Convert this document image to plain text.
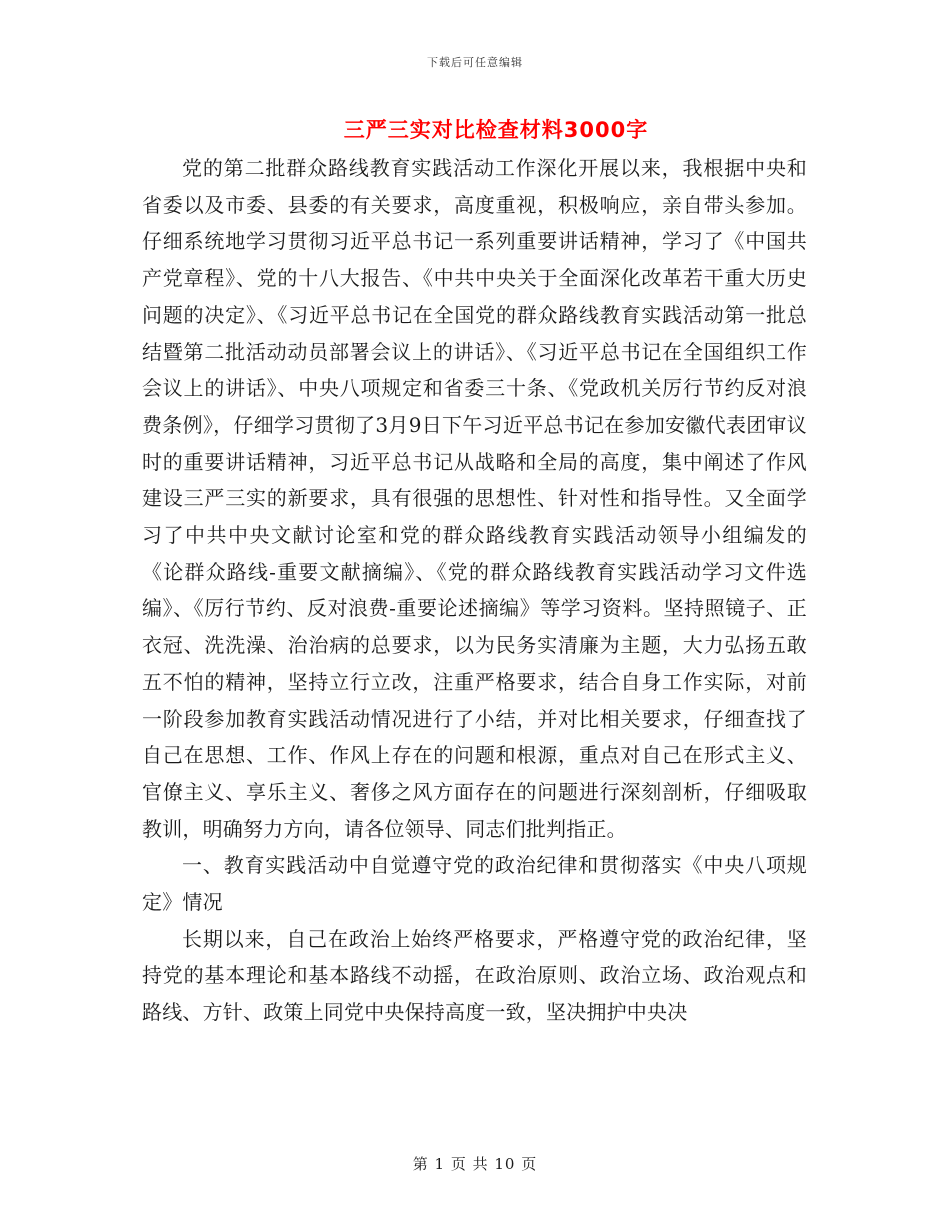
下载后可任意编辑
三严三实对比检查材料3000字

党的第二批群众路线教育实践活动工作深化开展以来，我根据中央和省委以及市委、县委的有关要求，高度重视，积极响应，亲自带头参加。仔细系统地学习贯彻习近平总书记一系列重要讲话精神，学习了《中国共产党章程》、党的十八大报告、《中共中央关于全面深化改革若干重大历史问题的决定》、《习近平总书记在全国党的群众路线教育实践活动第一批总结暨第二批活动动员部署会议上的讲话》、《习近平总书记在全国组织工作会议上的讲话》、中央八项规定和省委三十条、《党政机关厉行节约反对浪费条例》，仔细学习贯彻了3月9日下午习近平总书记在参加安徽代表团审议时的重要讲话精神，习近平总书记从战略和全局的高度，集中阐述了作风建设三严三实的新要求，具有很强的思想性、针对性和指导性。又全面学习了中共中央文献讨论室和党的群众路线教育实践活动领导小组编发的《论群众路线-重要文献摘编》、《党的群众路线教育实践活动学习文件选编》、《厉行节约、反对浪费-重要论述摘编》等学习资料。坚持照镜子、正衣冠、洗洗澡、治治病的总要求，以为民务实清廉为主题，大力弘扬五敢五不怕的精神，坚持立行立改，注重严格要求，结合自身工作实际，对前一阶段参加教育实践活动情况进行了小结，并对比相关要求，仔细查找了自己在思想、工作、作风上存在的问题和根源，重点对自己在形式主义、官僚主义、享乐主义、奢侈之风方面存在的问题进行深刻剖析，仔细吸取教训，明确努力方向，请各位领导、同志们批判指正。

一、教育实践活动中自觉遵守党的政治纪律和贯彻落实《中央八项规定》情况

长期以来，自己在政治上始终严格要求，严格遵守党的政治纪律，坚持党的基本理论和基本路线不动摇，在政治原则、政治立场、政治观点和路线、方针、政策上同党中央保持高度一致，坚决拥护中央决

第 1 页 共 10 页
